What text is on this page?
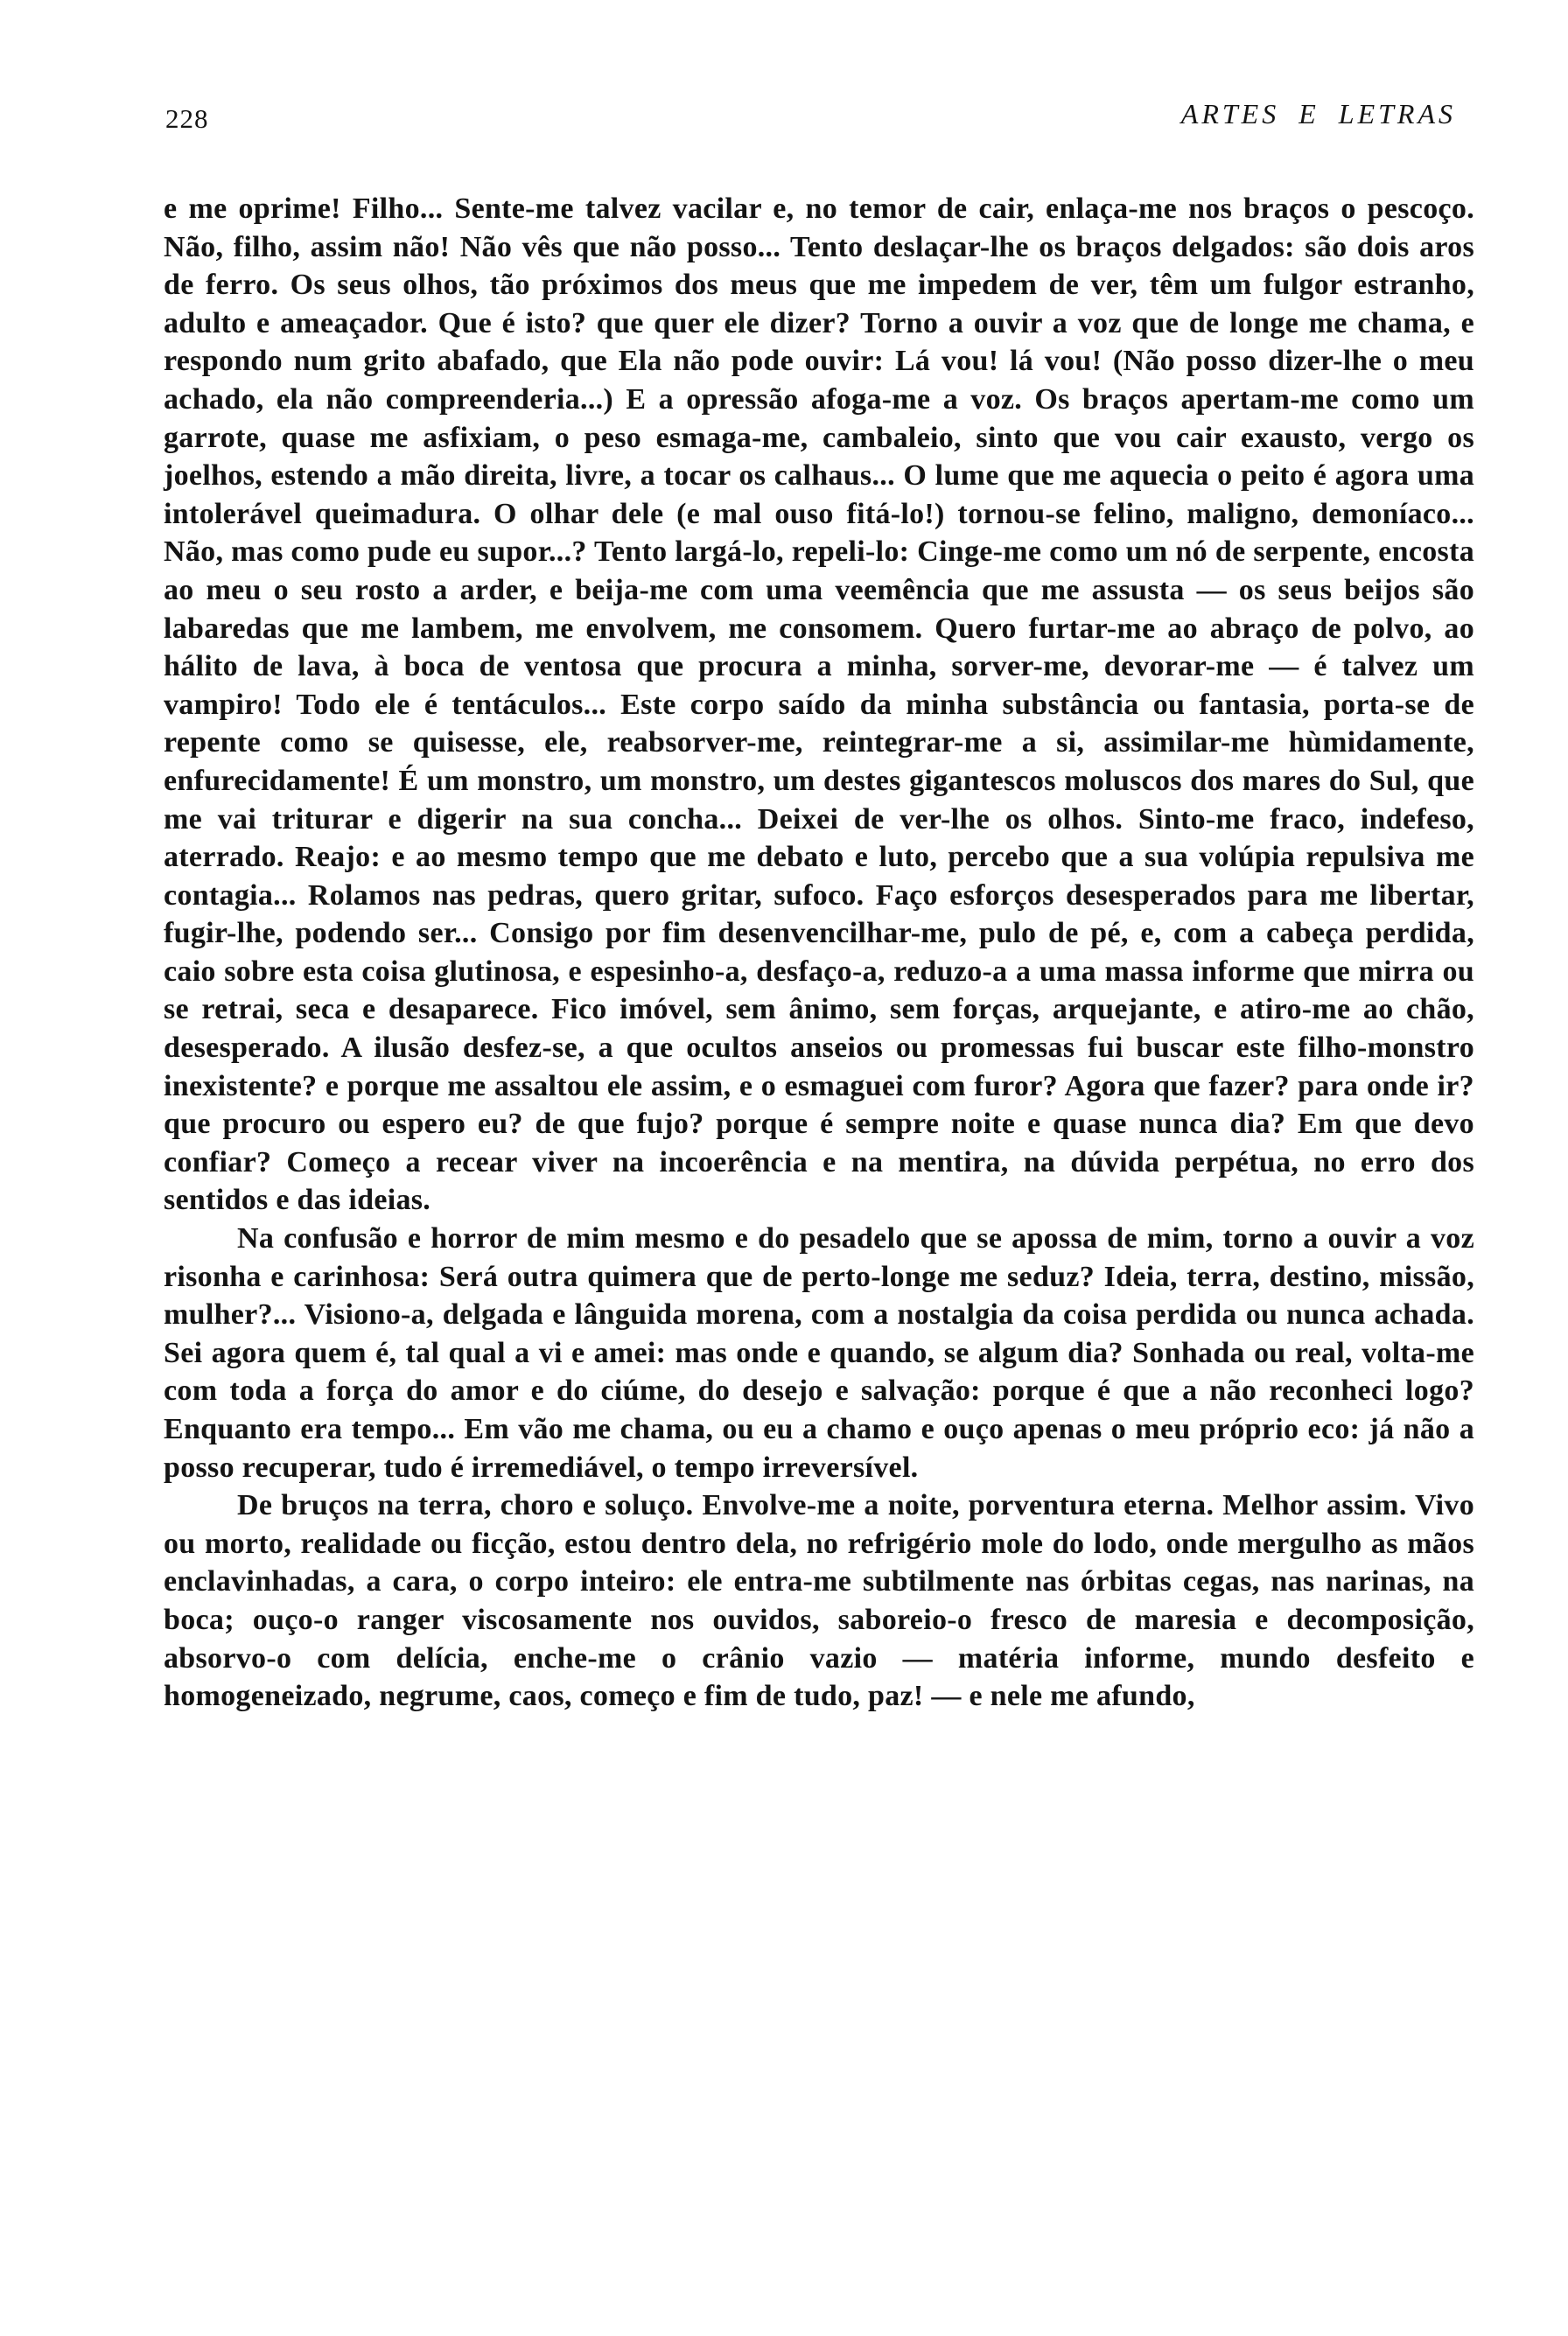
228	ARTES E LETRAS

e me oprime! Filho... Sente-me talvez vacilar e, no temor de cair, enlaça-me nos braços o pescoço. Não, filho, assim não! Não vês que não posso... Tento deslaçar-lhe os braços delgados: são dois aros de ferro. Os seus olhos, tão próximos dos meus que me impedem de ver, têm um fulgor estranho, adulto e ameaçador. Que é isto? que quer ele dizer? Torno a ouvir a voz que de longe me chama, e respondo num grito abafado, que Ela não pode ouvir: Lá vou! lá vou! (Não posso dizer-lhe o meu achado, ela não compreenderia...) E a opressão afoga-me a voz. Os braços apertam-me como um garrote, quase me asfixiam, o peso esmaga-me, cambaleio, sinto que vou cair exausto, vergo os joelhos, estendo a mão direita, livre, a tocar os calhaus... O lume que me aquecia o peito é agora uma intolerável queimadura. O olhar dele (e mal ouso fitá-lo!) tornou-se felino, maligno, demoníaco... Não, mas como pude eu supor...? Tento largá-lo, repeli-lo: Cinge-me como um nó de serpente, encosta ao meu o seu rosto a arder, e beija-me com uma veemência que me assusta — os seus beijos são labaredas que me lambem, me envolvem, me consomem. Quero furtar-me ao abraço de polvo, ao hálito de lava, à boca de ventosa que procura a minha, sorver-me, devorar-me — é talvez um vampiro! Todo ele é tentáculos... Este corpo saído da minha substância ou fantasia, porta-se de repente como se quisesse, ele, reabsorver-me, reintegrar-me a si, assimilar-me hùmidamente, enfurecidamente! É um monstro, um monstro, um destes gigantescos moluscos dos mares do Sul, que me vai triturar e digerir na sua concha... Deixei de ver-lhe os olhos. Sinto-me fraco, indefeso, aterrado. Reajo: e ao mesmo tempo que me debato e luto, percebo que a sua volúpia repulsiva me contagia... Rolamos nas pedras, quero gritar, sufoco. Faço esforços desesperados para me libertar, fugir-lhe, podendo ser... Consigo por fim desenvencilhar-me, pulo de pé, e, com a cabeça perdida, caio sobre esta coisa glutinosa, e espesinho-a, desfaço-a, reduzo-a a uma massa informe que mirra ou se retrai, seca e desaparece. Fico imóvel, sem ânimo, sem forças, arquejante, e atiro-me ao chão, desesperado. A ilusão desfez-se, a que ocultos anseios ou promessas fui buscar este filho-monstro inexistente? e porque me assaltou ele assim, e o esmaguei com furor? Agora que fazer? para onde ir? que procuro ou espero eu? de que fujo? porque é sempre noite e quase nunca dia? Em que devo confiar? Começo a recear viver na incoerência e na mentira, na dúvida perpétua, no erro dos sentidos e das ideias.

Na confusão e horror de mim mesmo e do pesadelo que se apossa de mim, torno a ouvir a voz risonha e carinhosa: Será outra quimera que de perto-longe me seduz? Ideia, terra, destino, missão, mulher?... Visiono-a, delgada e lânguida morena, com a nostalgia da coisa perdida ou nunca achada. Sei agora quem é, tal qual a vi e amei: mas onde e quando, se algum dia? Sonhada ou real, volta-me com toda a força do amor e do ciúme, do desejo e salvação: porque é que a não reconheci logo? Enquanto era tempo... Em vão me chama, ou eu a chamo e ouço apenas o meu próprio eco: já não a posso recuperar, tudo é irremediável, o tempo irreversível.

De bruços na terra, choro e soluço. Envolve-me a noite, porventura eterna. Melhor assim. Vivo ou morto, realidade ou ficção, estou dentro dela, no refrigério mole do lodo, onde mergulho as mãos enclavinhadas, a cara, o corpo inteiro: ele entra-me subtilmente nas órbitas cegas, nas narinas, na boca; ouço-o ranger viscosamente nos ouvidos, saboreio-o fresco de maresia e decomposição, absorvo-o com delícia, enche-me o crânio vazio — matéria informe, mundo desfeito e homogeneizado, negrume, caos, começo e fim de tudo, paz! — e nele me afundo,
